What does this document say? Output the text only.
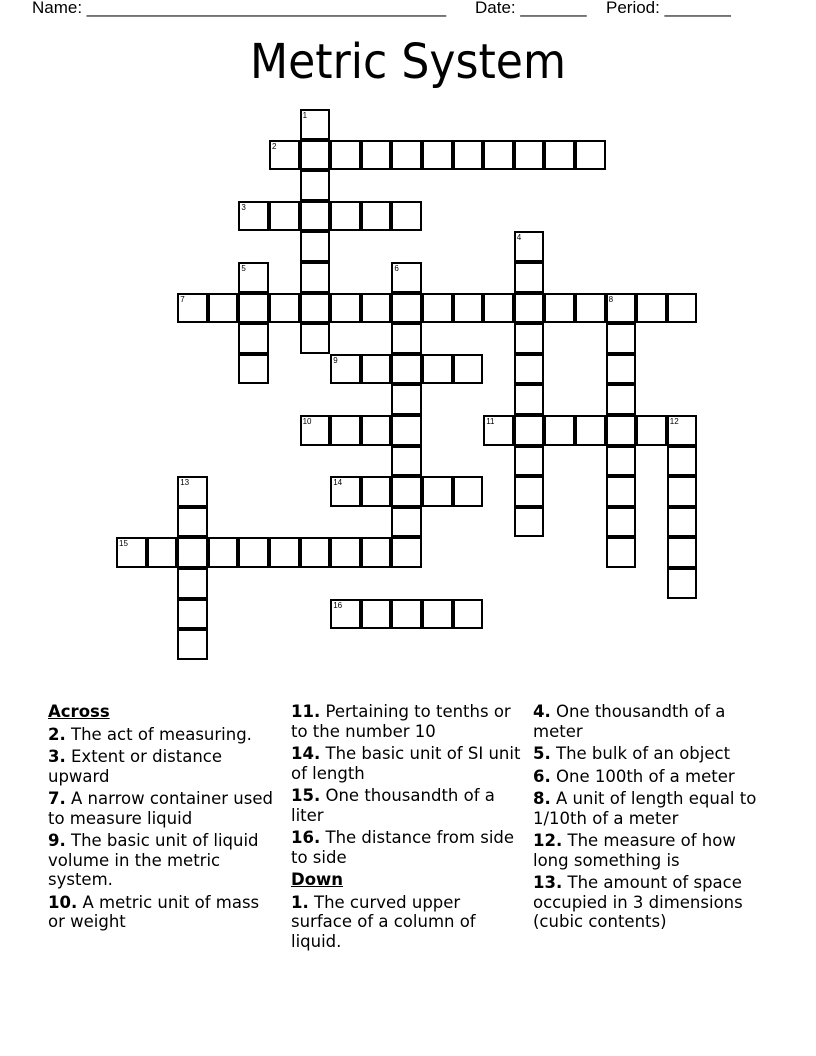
Name: ______________________________________ Date: _______ Period: _______
Metric System
1
2
3
4
5	6
7	8
9
10	11	12
13	14
15
16
Across
2. The act of measuring.
3. Extent or distance upward
7. A narrow container used to measure liquid
9. The basic unit of liquid volume in the metric system.
10. A metric unit of mass or weight
11. Pertaining to tenths or to the number 10
14. The basic unit of SI unit of length
15. One thousandth of a liter
16. The distance from side to side
Down
1. The curved upper surface of a column of liquid.
4. One thousandth of a meter
5. The bulk of an object
6. One 100th of a meter
8. A unit of length equal to 1/10th of a meter
12. The measure of how long something is
13. The amount of space occupied in 3 dimensions (cubic contents)
